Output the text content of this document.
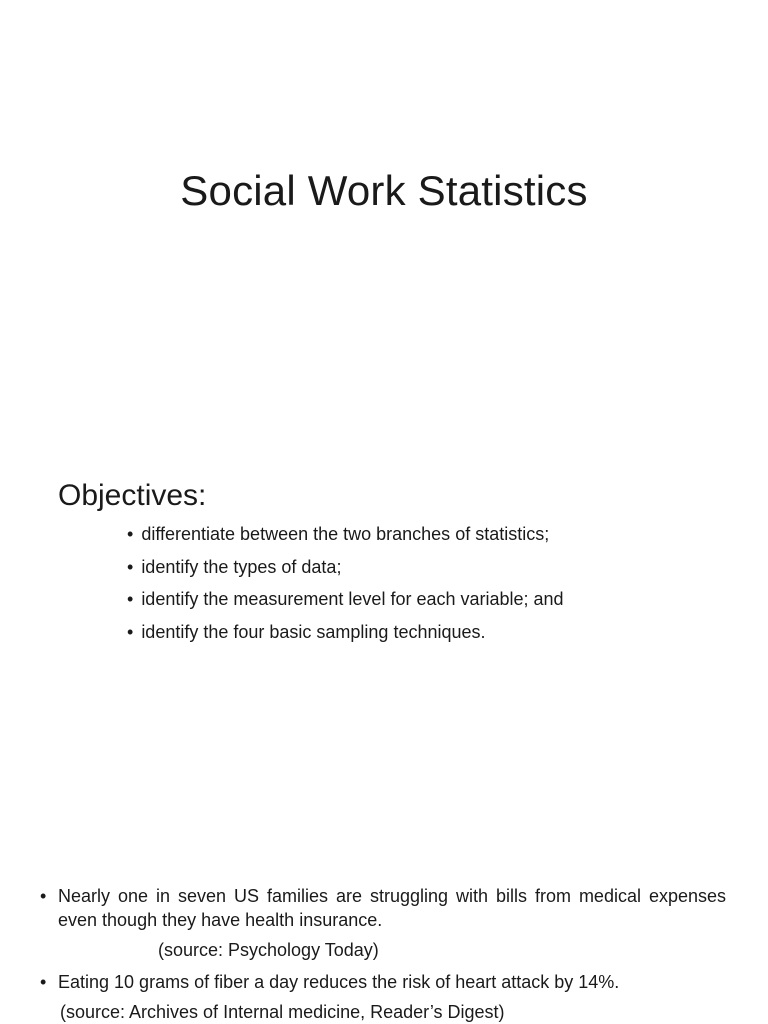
Social Work Statistics
Objectives:
• differentiate between the two branches of statistics;
• identify the types of data;
• identify the measurement level for each variable; and
• identify the four basic sampling techniques.
• Nearly one in seven US families are struggling with bills from medical expenses even though they have health insurance.
(source: Psychology Today)
• Eating 10 grams of fiber a day reduces the risk of heart attack by 14%.
(source: Archives of Internal medicine, Reader’s Digest)
